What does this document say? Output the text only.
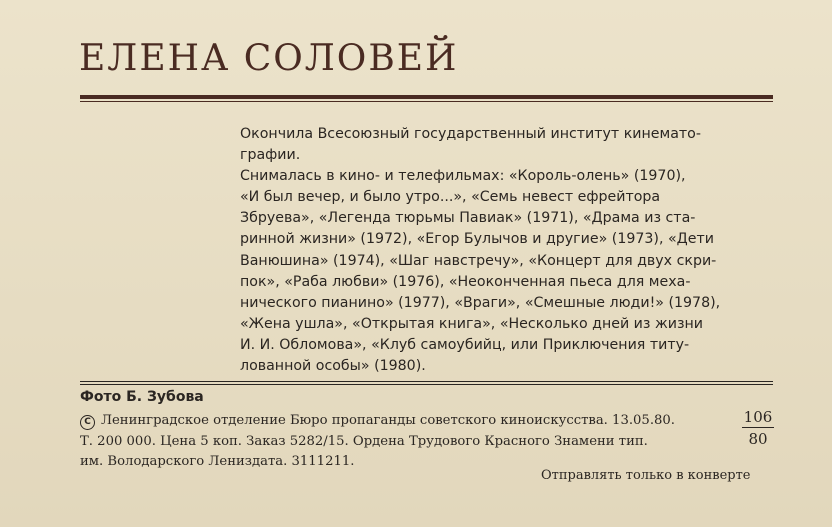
ЕЛЕНА СОЛОВЕЙ
Окончила Всесоюзный государственный институт кинемато-
графии.
Снималась в кино- и телефильмах: «Король-олень» (1970),
«И был вечер, и было утро...», «Семь невест ефрейтора
Збруева», «Легенда тюрьмы Павиак» (1971), «Драма из ста-
ринной жизни» (1972), «Егор Булычов и другие» (1973), «Дети
Ванюшина» (1974), «Шаг навстречу», «Концерт для двух скри-
пок», «Раба любви» (1976), «Неоконченная пьеса для меха-
нического пианино» (1977), «Враги», «Смешные люди!» (1978),
«Жена ушла», «Открытая книга», «Несколько дней из жизни
И. И. Обломова», «Клуб самоубийц, или Приключения титу-
лованной особы» (1980).
Фото Б. Зубова
C Ленинградское отделение Бюро пропаганды советского киноискусства. 13.05.80.
Т. 200 000. Цена 5 коп. Заказ 5282/15. Ордена Трудового Красного Знамени тип.
им. Володарского Лениздата. 3111211.
106
80
Отправлять только в конверте
